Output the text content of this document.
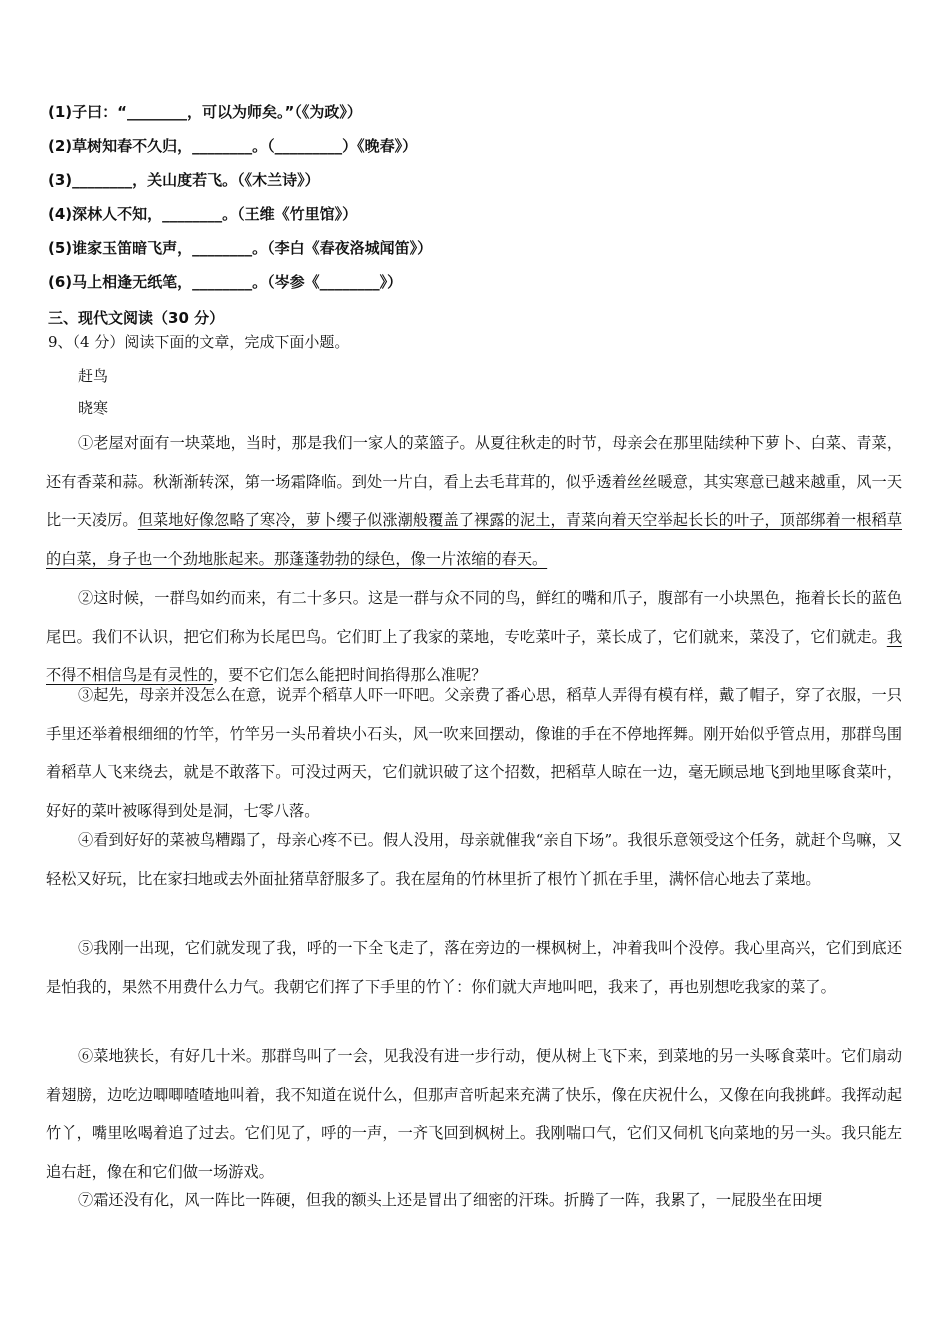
(1)子曰：“________，可以为师矣。”（《为政》）
(2)草树知春不久归，________。（_________）《晚春》）
(3)________，关山度若飞。（《木兰诗》）
(4)深林人不知，________。（王维《竹里馆》）
(5)谁家玉笛暗飞声，________。（李白《春夜洛城闻笛》）
(6)马上相逢无纸笔，________。（岑参《________》）
三、现代文阅读（30 分）
9、（4 分）阅读下面的文章，完成下面小题。
赶鸟
晓寒

①老屋对面有一块菜地，当时，那是我们一家人的菜篮子。从夏往秋走的时节，母亲会在那里陆续种下萝卜、白菜、青菜，还有香菜和蒜。秋渐渐转深，第一场霜降临。到处一片白，看上去毛茸茸的，似乎透着丝丝暖意，其实寒意已越来越重，风一天比一天凌厉。但菜地好像忽略了寒冷，萝卜缨子似涨潮般覆盖了裸露的泥土，青菜向着天空举起长长的叶子，顶部绑着一根稻草的白菜，身子也一个劲地胀起来。那蓬蓬勃勃的绿色，像一片浓缩的春天。

②这时候，一群鸟如约而来，有二十多只。这是一群与众不同的鸟，鲜红的嘴和爪子，腹部有一小块黑色，拖着长长的蓝色尾巴。我们不认识，把它们称为长尾巴鸟。它们盯上了我家的菜地，专吃菜叶子，菜长成了，它们就来，菜没了，它们就走。我不得不相信鸟是有灵性的，要不它们怎么能把时间掐得那么准呢？

③起先，母亲并没怎么在意，说弄个稻草人吓一吓吧。父亲费了番心思，稻草人弄得有模有样，戴了帽子，穿了衣服，一只手里还举着根细细的竹竿，竹竿另一头吊着块小石头，风一吹来回摆动，像谁的手在不停地挥舞。刚开始似乎管点用，那群鸟围着稻草人飞来绕去，就是不敢落下。可没过两天，它们就识破了这个招数，把稻草人晾在一边，毫无顾忌地飞到地里啄食菜叶，好好的菜叶被啄得到处是洞，七零八落。

④看到好好的菜被鸟糟蹋了，母亲心疼不已。假人没用，母亲就催我“亲自下场”。我很乐意领受这个任务，就赶个鸟嘛，又轻松又好玩，比在家扫地或去外面扯猪草舒服多了。我在屋角的竹林里折了根竹丫抓在手里，满怀信心地去了菜地。

⑤我刚一出现，它们就发现了我，呼的一下全飞走了，落在旁边的一棵枫树上，冲着我叫个没停。我心里高兴，它们到底还是怕我的，果然不用费什么力气。我朝它们挥了下手里的竹丫：你们就大声地叫吧，我来了，再也别想吃我家的菜了。

⑥菜地狭长，有好几十米。那群鸟叫了一会，见我没有进一步行动，便从树上飞下来，到菜地的另一头啄食菜叶。它们扇动着翅膀，边吃边唧唧喳喳地叫着，我不知道在说什么，但那声音听起来充满了快乐，像在庆祝什么，又像在向我挑衅。我挥动起竹丫，嘴里吆喝着追了过去。它们见了，呼的一声，一齐飞回到枫树上。我刚喘口气，它们又伺机飞向菜地的另一头。我只能左追右赶，像在和它们做一场游戏。

⑦霜还没有化，风一阵比一阵硬，但我的额头上还是冒出了细密的汗珠。折腾了一阵，我累了，一屁股坐在田埂
